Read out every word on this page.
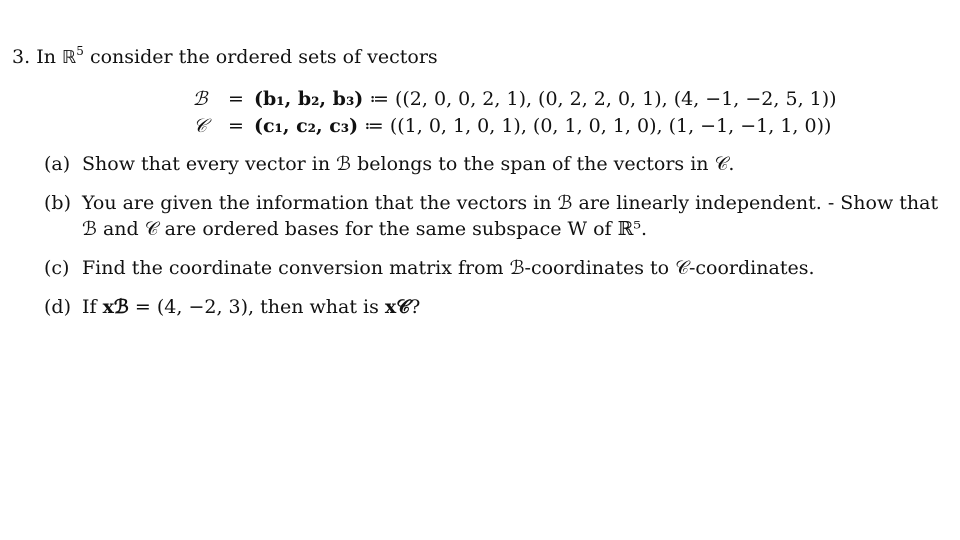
3. In ℝ$^5$ consider the ordered sets of vectors

ℬ	=	(b₁, b₂, b₃) ≔ ((2, 0, 0, 2, 1), (0, 2, 2, 0, 1), (4, −1, −2, 5, 1))
𝒞	=	(c₁, c₂, c₃) ≔ ((1, 0, 1, 0, 1), (0, 1, 0, 1, 0), (1, −1, −1, 1, 0))
(a) Show that every vector in ℬ belongs to the span of the vectors in 𝒞.
(b) You are given the information that the vectors in ℬ are linearly independent. - Show that ℬ and 𝒞 are ordered bases for the same subspace W of ℝ⁵.
(c) Find the coordinate conversion matrix from ℬ-coordinates to 𝒞-coordinates.
(d) If xℬ = (4, −2, 3), then what is x𝒞?
